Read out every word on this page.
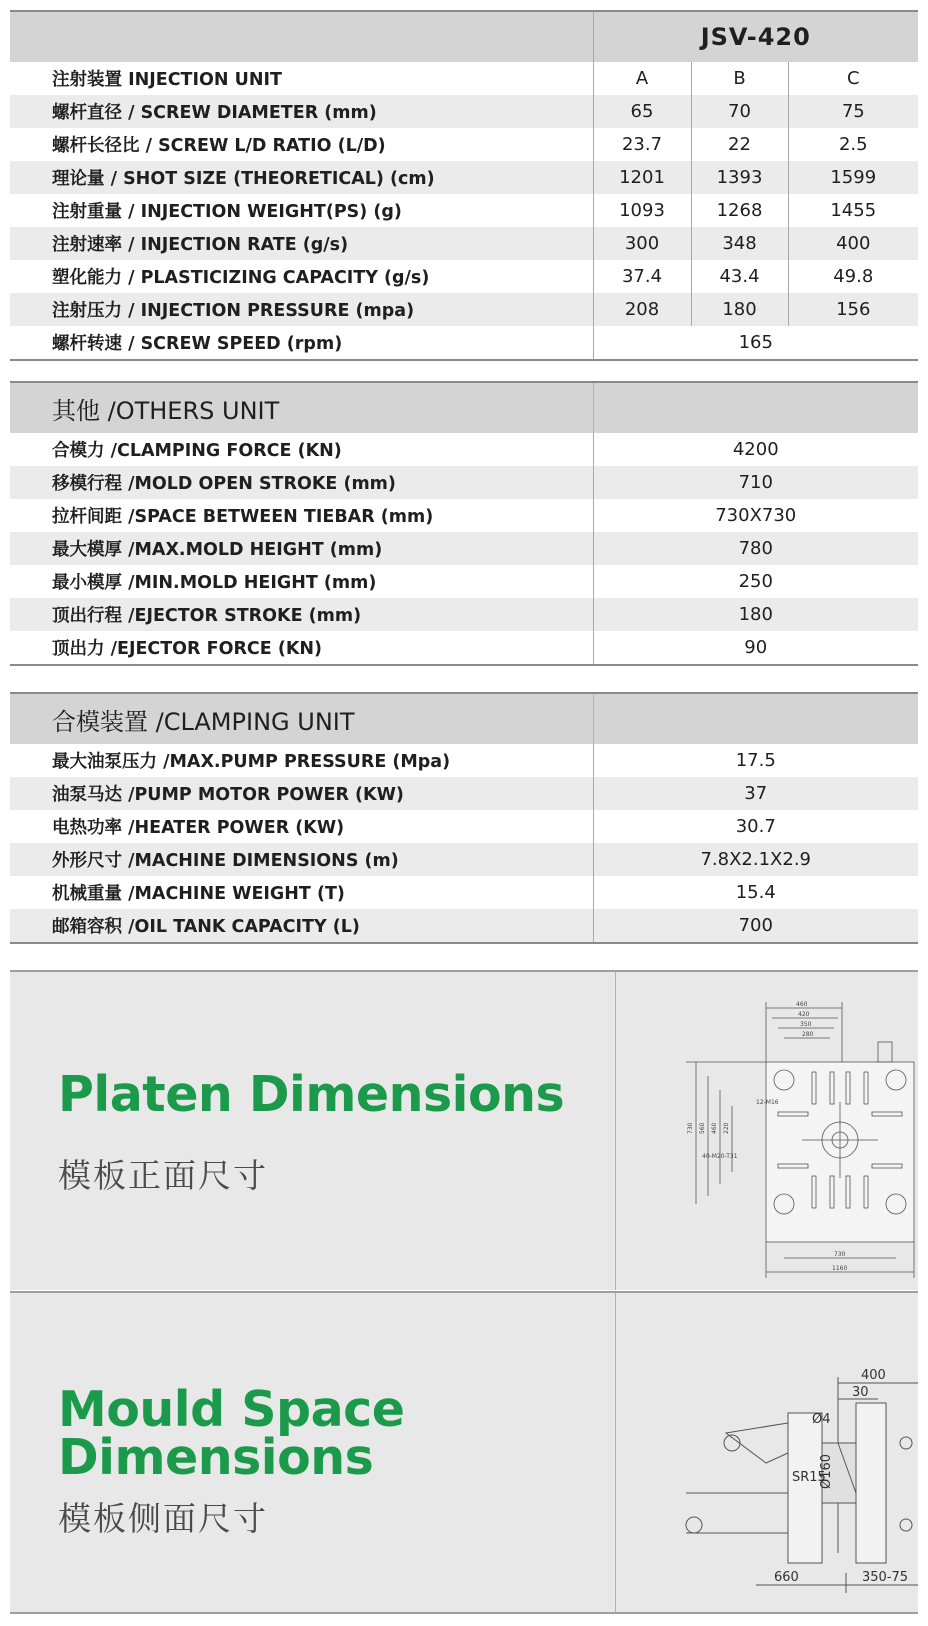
	JSV-420		
注射装置 INJECTION UNIT	A	B	C
螺杆直径 / SCREW DIAMETER (mm)	65	70	75
螺杆长径比 / SCREW L/D RATIO (L/D)	23.7	22	2.5
理论量 / SHOT SIZE (THEORETICAL) (cm)	1201	1393	1599
注射重量 / INJECTION WEIGHT(PS) (g)	1093	1268	1455
注射速率 / INJECTION RATE (g/s)	300	348	400
塑化能力 / PLASTICIZING CAPACITY (g/s)	37.4	43.4	49.8
注射压力 / INJECTION PRESSURE (mpa)	208	180	156
螺杆转速 / SCREW SPEED (rpm)	165		
其他 /OTHERS UNIT	
合模力 /CLAMPING FORCE (KN)	4200
移模行程 /MOLD OPEN STROKE (mm)	710
拉杆间距 /SPACE BETWEEN TIEBAR (mm)	730X730
最大模厚 /MAX.MOLD HEIGHT (mm)	780
最小模厚 /MIN.MOLD HEIGHT (mm)	250
顶出行程 /EJECTOR STROKE (mm)	180
顶出力 /EJECTOR FORCE (KN)	90
合模装置 /CLAMPING UNIT	
最大油泵压力 /MAX.PUMP PRESSURE (Mpa)	17.5
油泵马达 /PUMP MOTOR POWER (KW)	37
电热功率 /HEATER POWER (KW)	30.7
外形尺寸 /MACHINE DIMENSIONS (m)	7.8X2.1X2.9
机械重量 /MACHINE WEIGHT (T)	15.4
邮箱容积 /OIL TANK CAPACITY (L)	700
Platen Dimensions
模板正面尺寸
460
420
350
280
730 560 460 220
730
1160
12-M16
40-M20-T31
Mould Space
Dimensions
模板侧面尺寸
400
30
Ø4
Ø160
SR15
660	350-75
